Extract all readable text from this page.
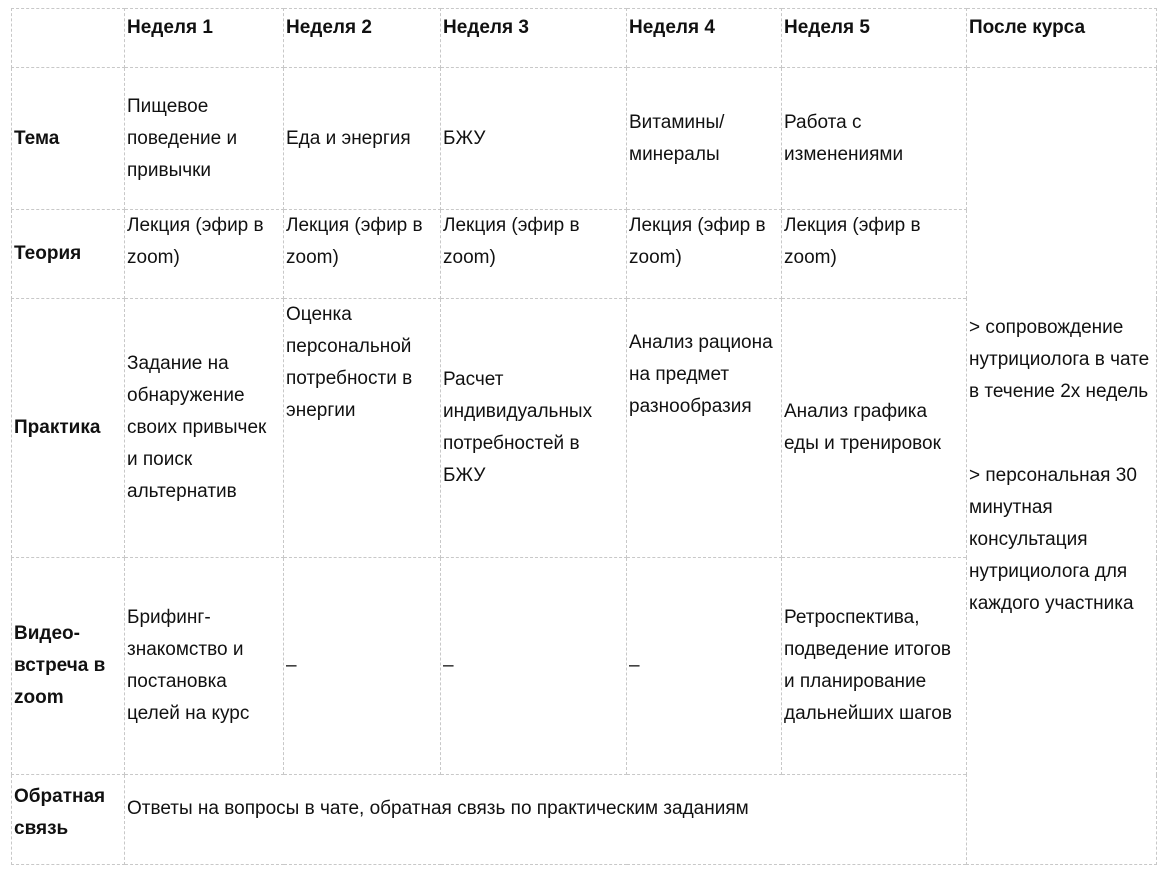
	Неделя 1	Неделя 2	Неделя 3	Неделя 4	Неделя 5	После курса
Тема	Пищевое поведение и привычки	Еда и энергия	БЖУ	Витамины/ минералы	Работа с изменениями	> сопровождение нутрициолога в чате в течение 2х недель
> персональная 30 минутная консультация нутрициолога для каждого участника

Теория	Лекция (эфир в zoom)	Лекция (эфир в zoom)	Лекция (эфир в zoom)	Лекция (эфир в zoom)	Лекция (эфир в zoom)	
Практика	Задание на обнаружение своих привычек и поиск альтернатив	Оценка персональной потребности в энергии	Расчет индивидуальных потребностей в БЖУ	Анализ рациона на предмет разнообразия	Анализ графика еды и тренировок	
Видео-встреча в zoom	Брифинг-знакомство и постановка целей на курс	–	–	–	Ретроспектива, подведение итогов и планирование дальнейших шагов	
Обратная связь	Ответы на вопросы в чате, обратная связь по практическим заданиям					
